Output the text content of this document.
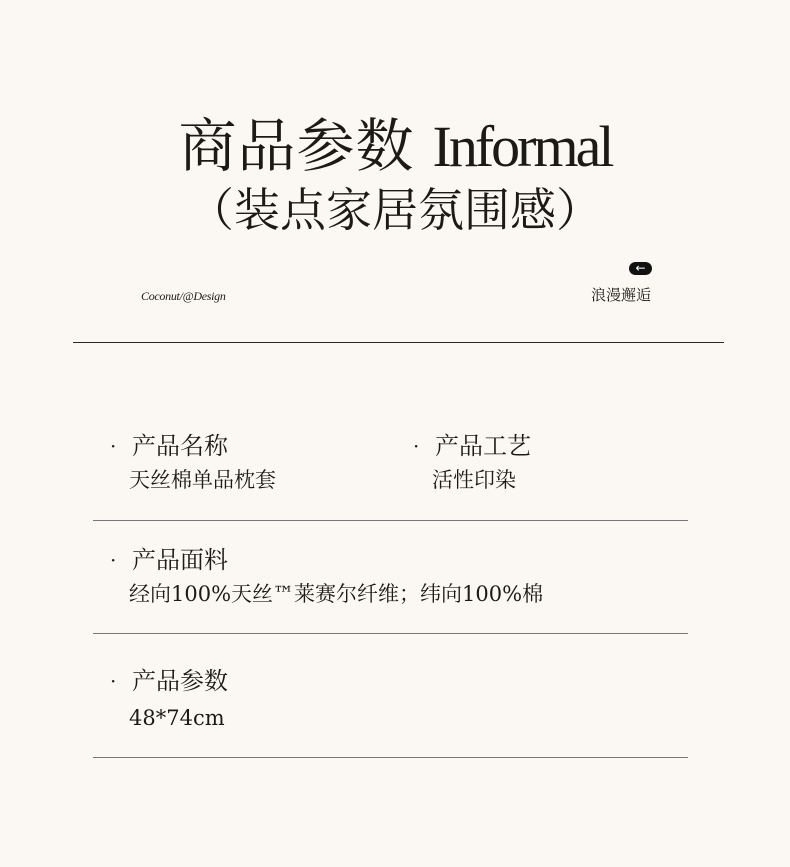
商品参数 Informal
（装点家居氛围感）
Coconut/@Design
←
浪漫邂逅
· 产品名称
天丝棉单品枕套
· 产品工艺
活性印染
· 产品面料
经向100%天丝™莱赛尔纤维；纬向100%棉
· 产品参数
48*74cm
